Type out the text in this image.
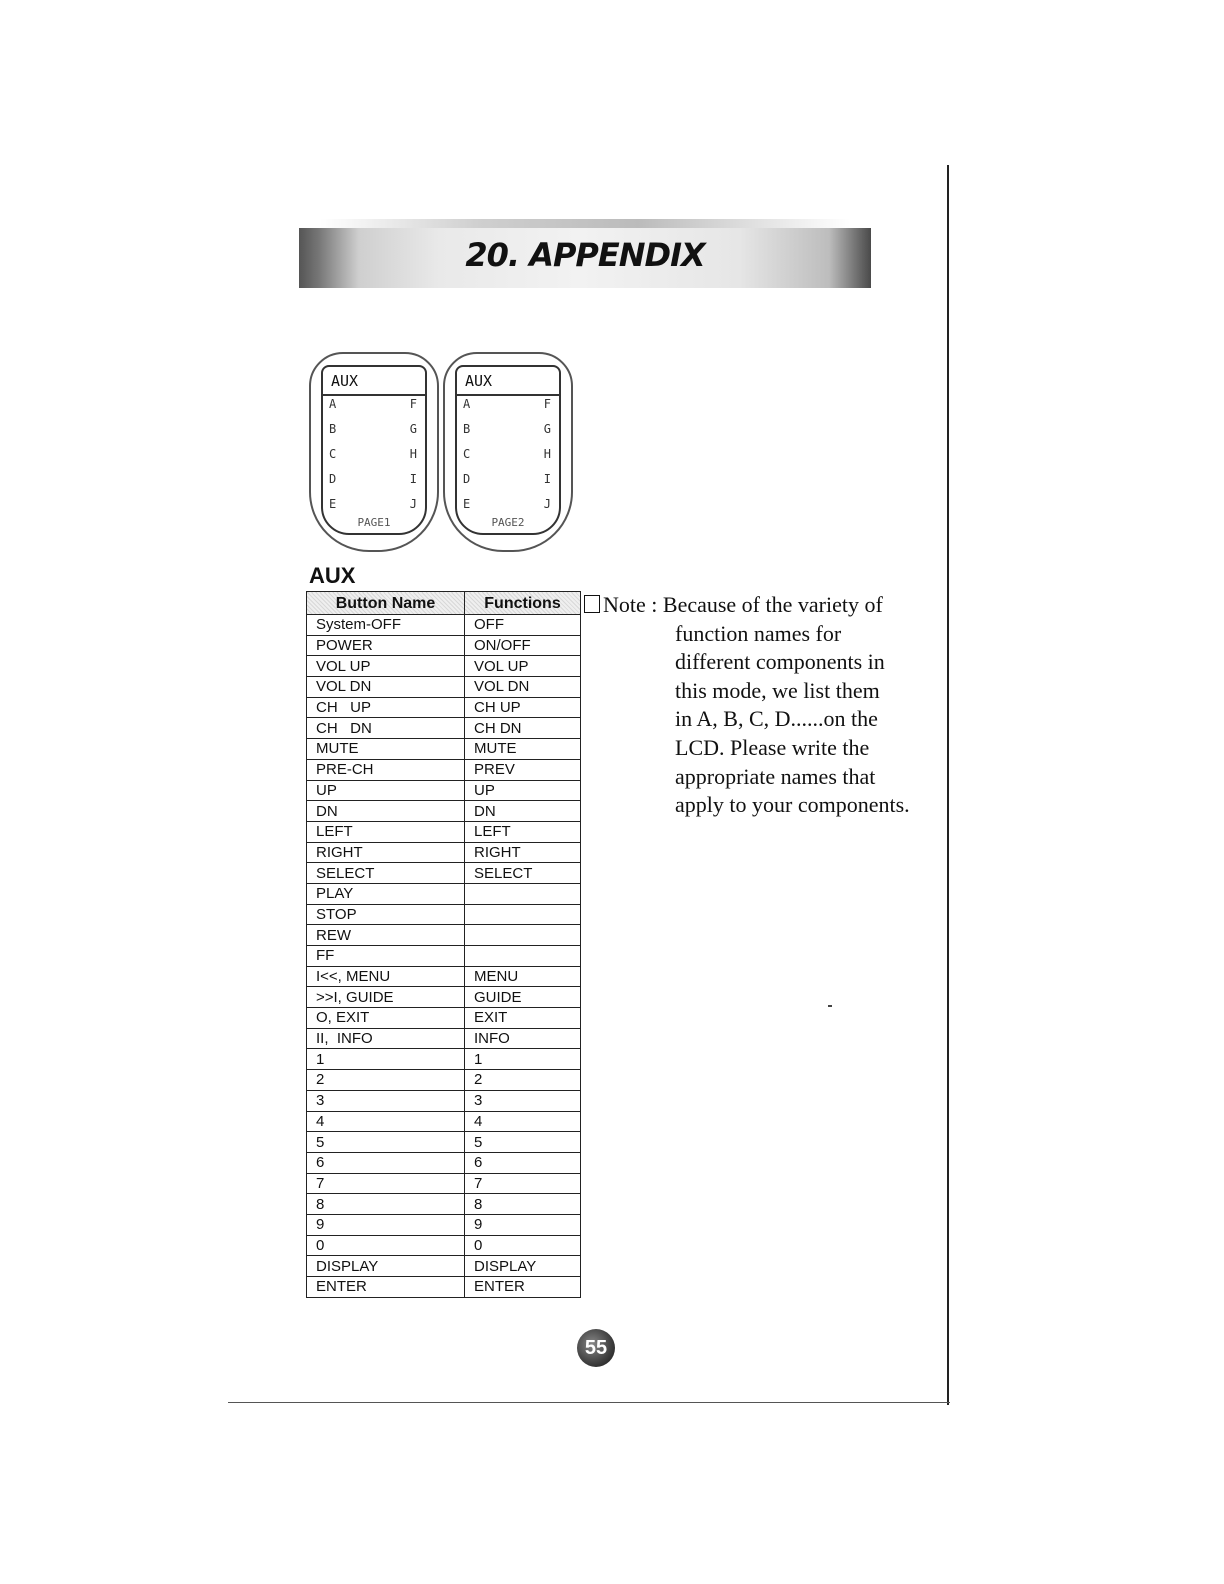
20. APPENDIX
AUX
A	F
B	G
C	H
D	I
E	J
PAGE1
AUX
A	F
B	G
C	H
D	I
E	J
PAGE2
AUX
Button Name	Functions
System-OFF	OFF
POWER	ON/OFF
VOL UP	VOL UP
VOL DN	VOL DN
CH   UP	CH UP
CH   DN	CH DN
MUTE	MUTE
PRE-CH	PREV
UP	UP
DN	DN
LEFT	LEFT
RIGHT	RIGHT
SELECT	SELECT
PLAY	
STOP	
REW	
FF	
I<<, MENU	MENU
>>I, GUIDE	GUIDE
O, EXIT	EXIT
II,  INFO	INFO
1	1
2	2
3	3
4	4
5	5
6	6
7	7
8	8
9	9
0	0
DISPLAY	DISPLAY
ENTER	ENTER
Note : Because of the variety of
function names for
different components in
this mode, we list them
in A, B, C, D......on the
LCD. Please write the
appropriate names that
apply to your components.
55
